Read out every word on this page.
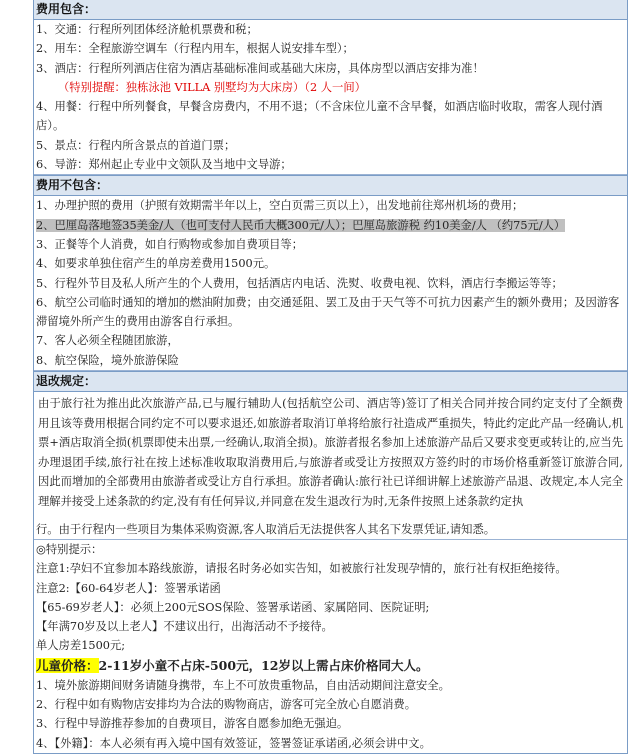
费用包含：
1、交通：行程所列团体经济舱机票费和税；
2、用车：全程旅游空调车（行程内用车，根据人说安排车型）；
3、酒店：行程所列酒店住宿为酒店基础标准间或基础大床房，具体房型以酒店安排为准！
（特别提醒：独栋泳池 VILLA 别墅均为大床房）（2 人一间）
4、用餐：行程中所列餐食，早餐含房费内，不用不退；（不含床位儿童不含早餐，如酒店临时收取，需客人现付酒店）。
5、景点：行程内所含景点的首道门票；
6、导游：郑州起止专业中文领队及当地中文导游；
费用不包含：
1、办理护照的费用（护照有效期需半年以上，空白页需三页以上），出发地前往郑州机场的费用；
2、巴厘岛落地签35美金/人（也可支付人民币大概300元/人）；巴厘岛旅游税 约10美金/人 （约75元/人）
3、正餐等个人消费，如自行购物或参加自费项目等；
4、如要求单独住宿产生的单房差费用1500元。
5、行程外节目及私人所产生的个人费用，包括酒店内电话、洗熨、收费电视、饮料，酒店行李搬运等等；
6、航空公司临时通知的增加的燃油附加费；由交通延阻、罢工及由于天气等不可抗力因素产生的额外费用；及因游客滞留境外所产生的费用由游客自行承担。
7、客人必须全程随团旅游，
8、航空保险，境外旅游保险
退改规定：
由于旅行社为推出此次旅游产品,已与履行辅助人(包括航空公司、酒店等)签订了相关合同并按合同约定支付了全额费用且该等费用根据合同约定不可以要求退还,如旅游者取消订单将给旅行社造成严重损失，特此约定此产品一经确认,机票+酒店取消全损(机票即使未出票,一经确认,取消全损)。旅游者报名参加上述旅游产品后又要求变更或转让的,应当先办理退团手续,旅行社在按上述标准收取取消费用后,与旅游者或受让方按照双方签约时的市场价格重新签订旅游合同,因此而增加的全部费用由旅游者或受让方自行承担。旅游者确认:旅行社已详细讲解上述旅游产品退、改规定,本人完全理解并接受上述条款的约定,没有有任何异议,并同意在发生退改行为时,无条件按照上述条款约定执
行。由于行程内一些项目为集体采购资源,客人取消后无法提供客人其名下发票凭证,请知悉。
◎特别提示：
注意1:孕妇不宜参加本路线旅游，请报名时务必如实告知，如被旅行社发现孕情的，旅行社有权拒绝接待。
注意2:【60-64岁老人】：签署承诺函
【65-69岁老人】：必须上200元SOS保险、签署承诺函、家属陪同、医院证明;
【年满70岁及以上老人】不建议出行，出海活动不予接待。
单人房差1500元;
儿童价格：2-11岁小童不占床-500元，12岁以上需占床价格同大人。
1、境外旅游期间财务请随身携带，车上不可放贵重物品，自由活动期间注意安全。
2、行程中如有购物店安排均为合法的购物商店，游客可完全放心自愿消费。
3、行程中导游推荐参加的自费项目，游客自愿参加绝无强迫。
4、【外籍】：本人必须有再入境中国有效签证，签署签证承诺函,必须会讲中文。
